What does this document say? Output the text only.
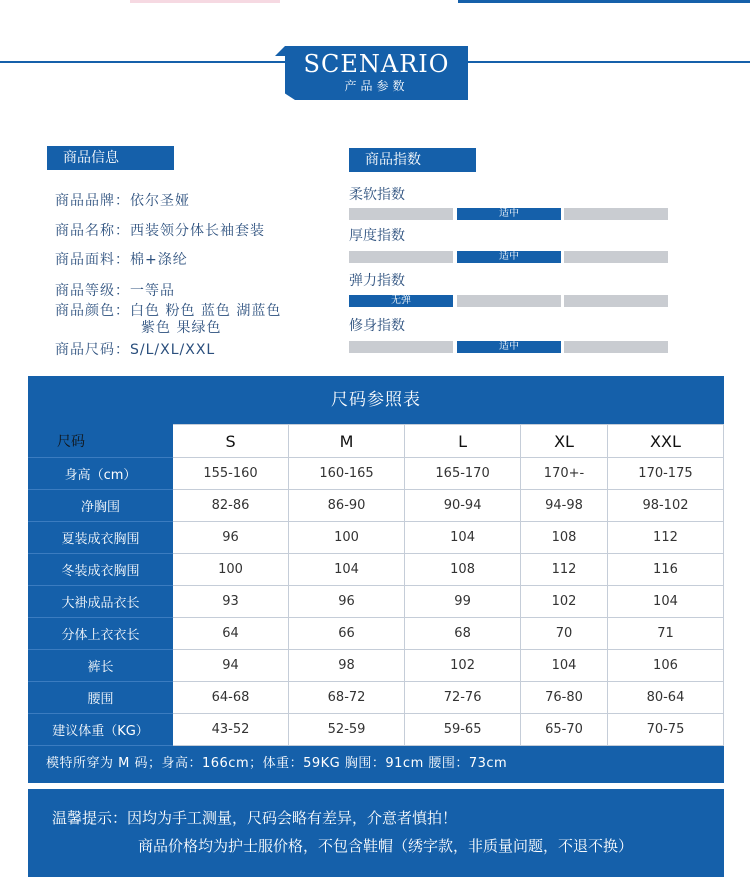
SCENARIO
产品参数
商品信息
商品品牌：依尔圣娅
商品名称：西装领分体长袖套装
商品面料：棉+涤纶
商品等级：一等品
商品颜色：白色 粉色 蓝色 湖蓝色
紫色 果绿色
商品尺码：S/L/XL/XXL
商品指数
柔软指数
适中
厚度指数
适中
弹力指数
无弹
修身指数
适中
尺码参照表
尺码	S	M	L	XL	XXL
身高（cm）	155-160	160-165	165-170	170+-	170-175
净胸围	82-86	86-90	90-94	94-98	98-102
夏装成衣胸围	96	100	104	108	112
冬装成衣胸围	100	104	108	112	116
大褂成品衣长	93	96	99	102	104
分体上衣衣长	64	66	68	70	71
裤长	94	98	102	104	106
腰围	64-68	68-72	72-76	76-80	80-64
建议体重（KG）	43-52	52-59	59-65	65-70	70-75
模特所穿为 M 码；身高：166cm；体重：59KG 胸围：91cm 腰围：73cm
温馨提示：因均为手工测量，尺码会略有差异，介意者慎拍！
商品价格均为护士服价格，不包含鞋帽（绣字款，非质量问题，不退不换）
